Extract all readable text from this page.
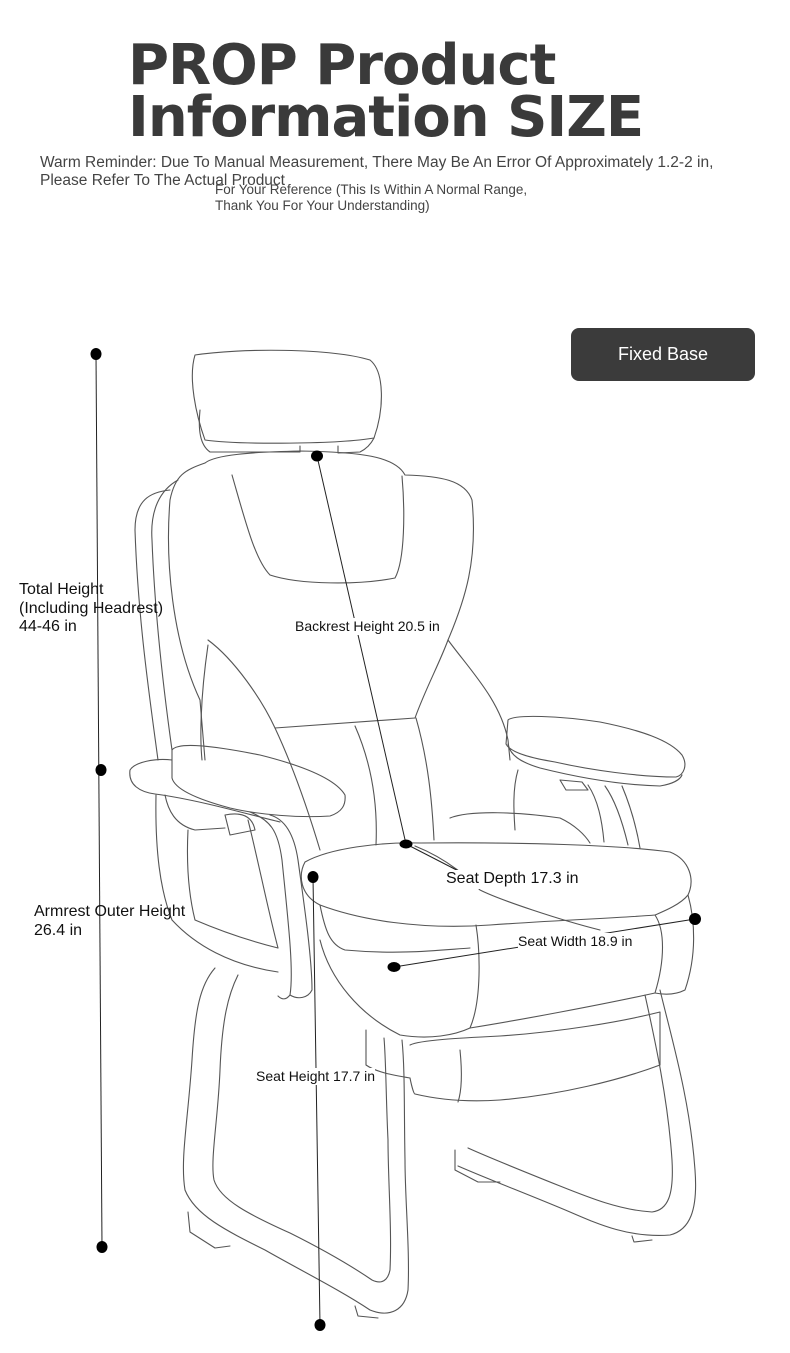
PROP Product
Information SIZE
Warm Reminder: Due To Manual Measurement, There May Be An Error Of Approximately 1.2-2 in,
Please Refer To The Actual Product
For Your Reference (This Is Within A Normal Range,
Thank You For Your Understanding)
Fixed Base
Total Height
(Including Headrest)
44-46 in	Backrest Height 20.5 in
Seat Depth 17.3 in
Seat Width 18.9 in
Armrest Outer Height
26.4 in
Seat Height 17.7 in
